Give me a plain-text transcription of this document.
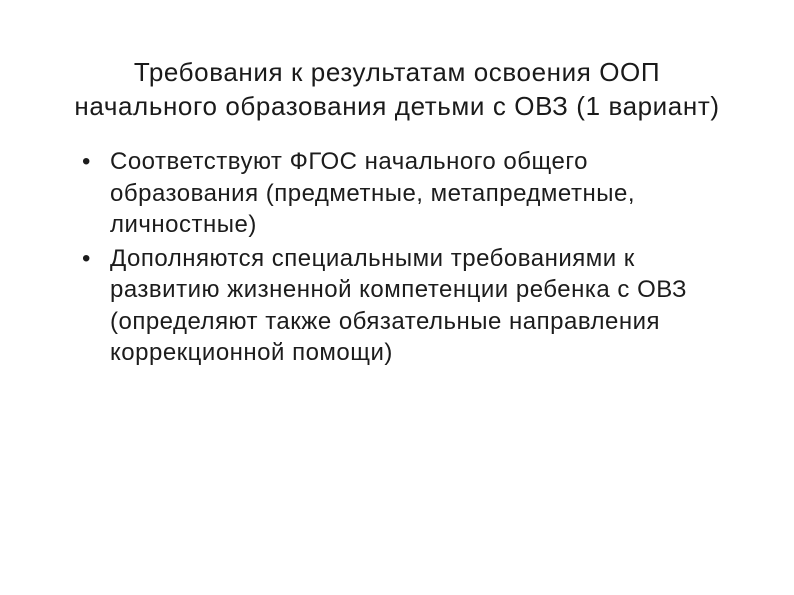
Требования к результатам освоения ООП
начального образования детьми с ОВЗ (1 вариант)
• Соответствуют ФГОС начального общего
образования (предметные, метапредметные,
личностные)
• Дополняются специальными требованиями к
развитию жизненной компетенции ребенка с ОВЗ
(определяют также обязательные направления
коррекционной помощи)
